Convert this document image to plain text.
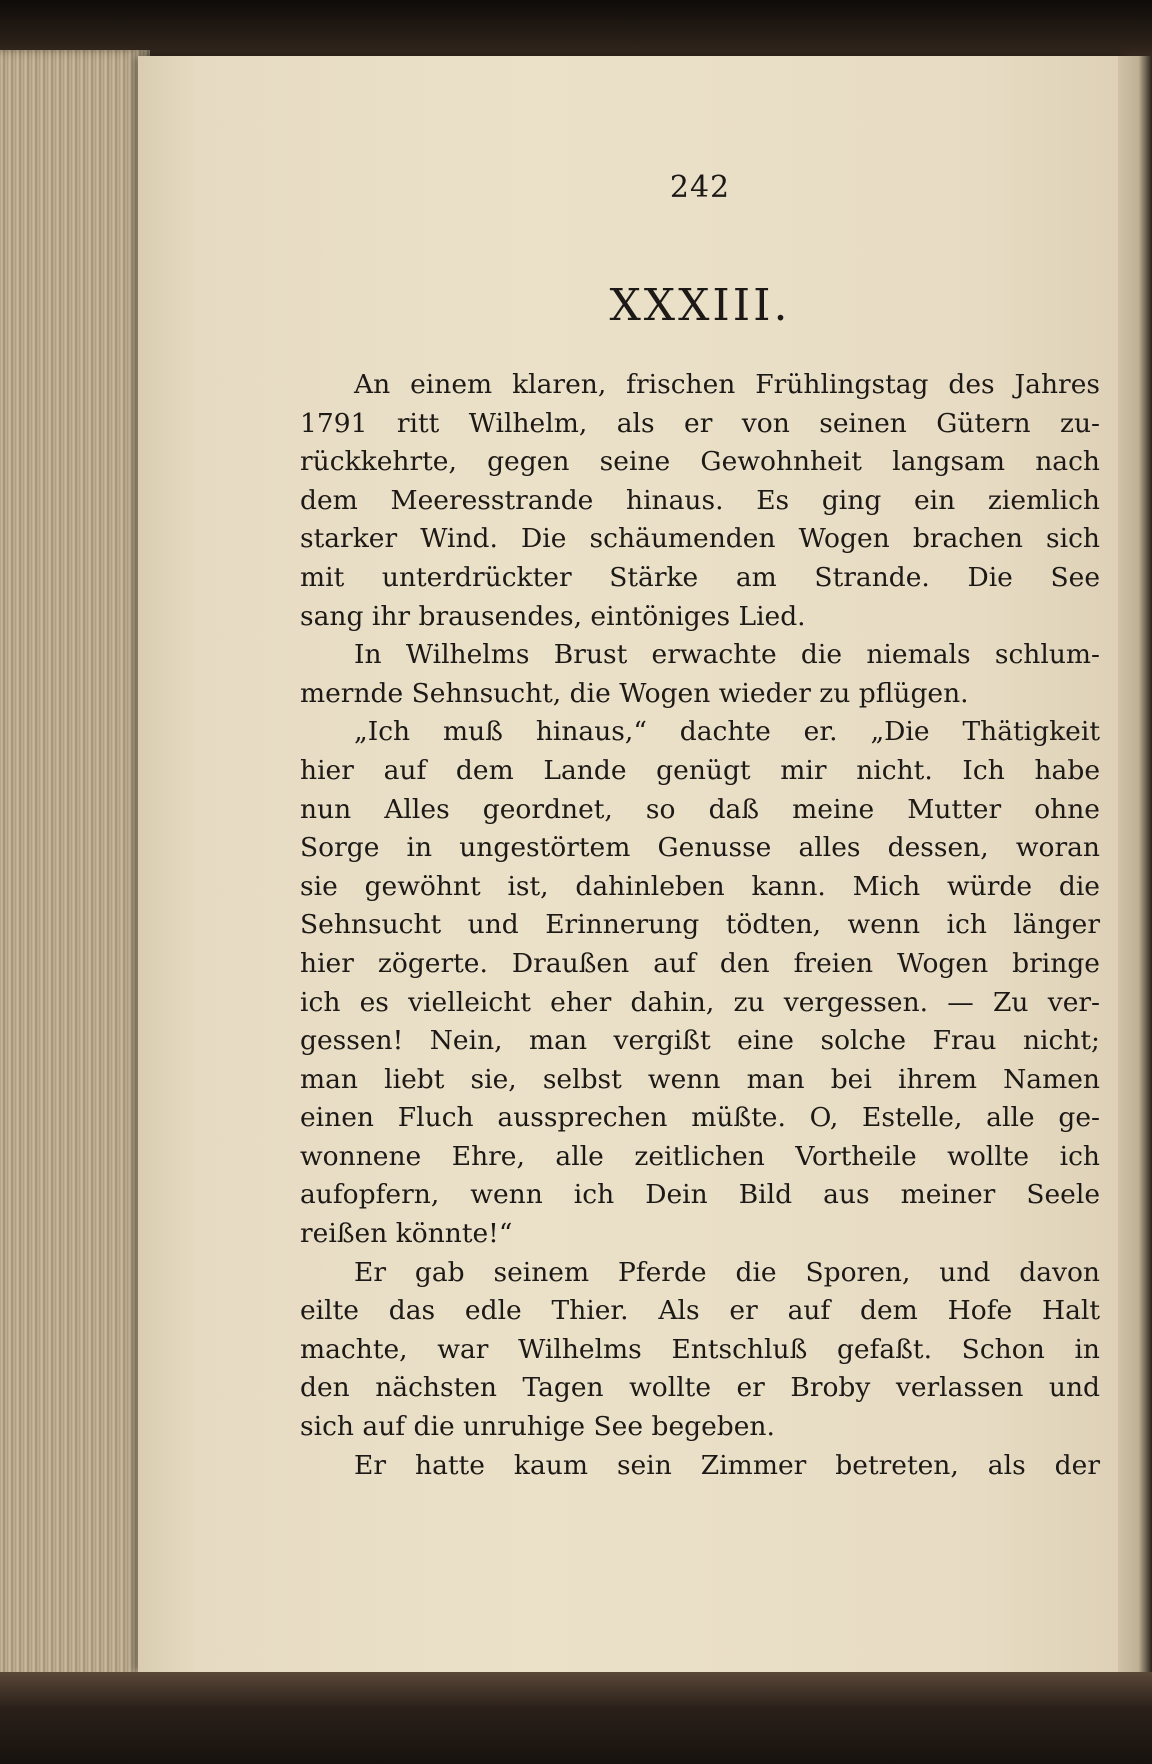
242
XXXIII.
An einem klaren, frischen Frühlingstag des Jahres
1791 ritt Wilhelm, als er von seinen Gütern zu-
rückkehrte, gegen seine Gewohnheit langsam nach
dem Meeresstrande hinaus. Es ging ein ziemlich
starker Wind. Die schäumenden Wogen brachen sich
mit unterdrückter Stärke am Strande. Die See
sang ihr brausendes, eintöniges Lied.
In Wilhelms Brust erwachte die niemals schlum-
mernde Sehnsucht, die Wogen wieder zu pflügen.
„Ich muß hinaus,“ dachte er. „Die Thätigkeit
hier auf dem Lande genügt mir nicht. Ich habe
nun Alles geordnet, so daß meine Mutter ohne
Sorge in ungestörtem Genusse alles dessen, woran
sie gewöhnt ist, dahinleben kann. Mich würde die
Sehnsucht und Erinnerung tödten, wenn ich länger
hier zögerte. Draußen auf den freien Wogen bringe
ich es vielleicht eher dahin, zu vergessen. — Zu ver-
gessen! Nein, man vergißt eine solche Frau nicht;
man liebt sie, selbst wenn man bei ihrem Namen
einen Fluch aussprechen müßte. O, Estelle, alle ge-
wonnene Ehre, alle zeitlichen Vortheile wollte ich
aufopfern, wenn ich Dein Bild aus meiner Seele
reißen könnte!“
Er gab seinem Pferde die Sporen, und davon
eilte das edle Thier. Als er auf dem Hofe Halt
machte, war Wilhelms Entschluß gefaßt. Schon in
den nächsten Tagen wollte er Broby verlassen und
sich auf die unruhige See begeben.
Er hatte kaum sein Zimmer betreten, als der
